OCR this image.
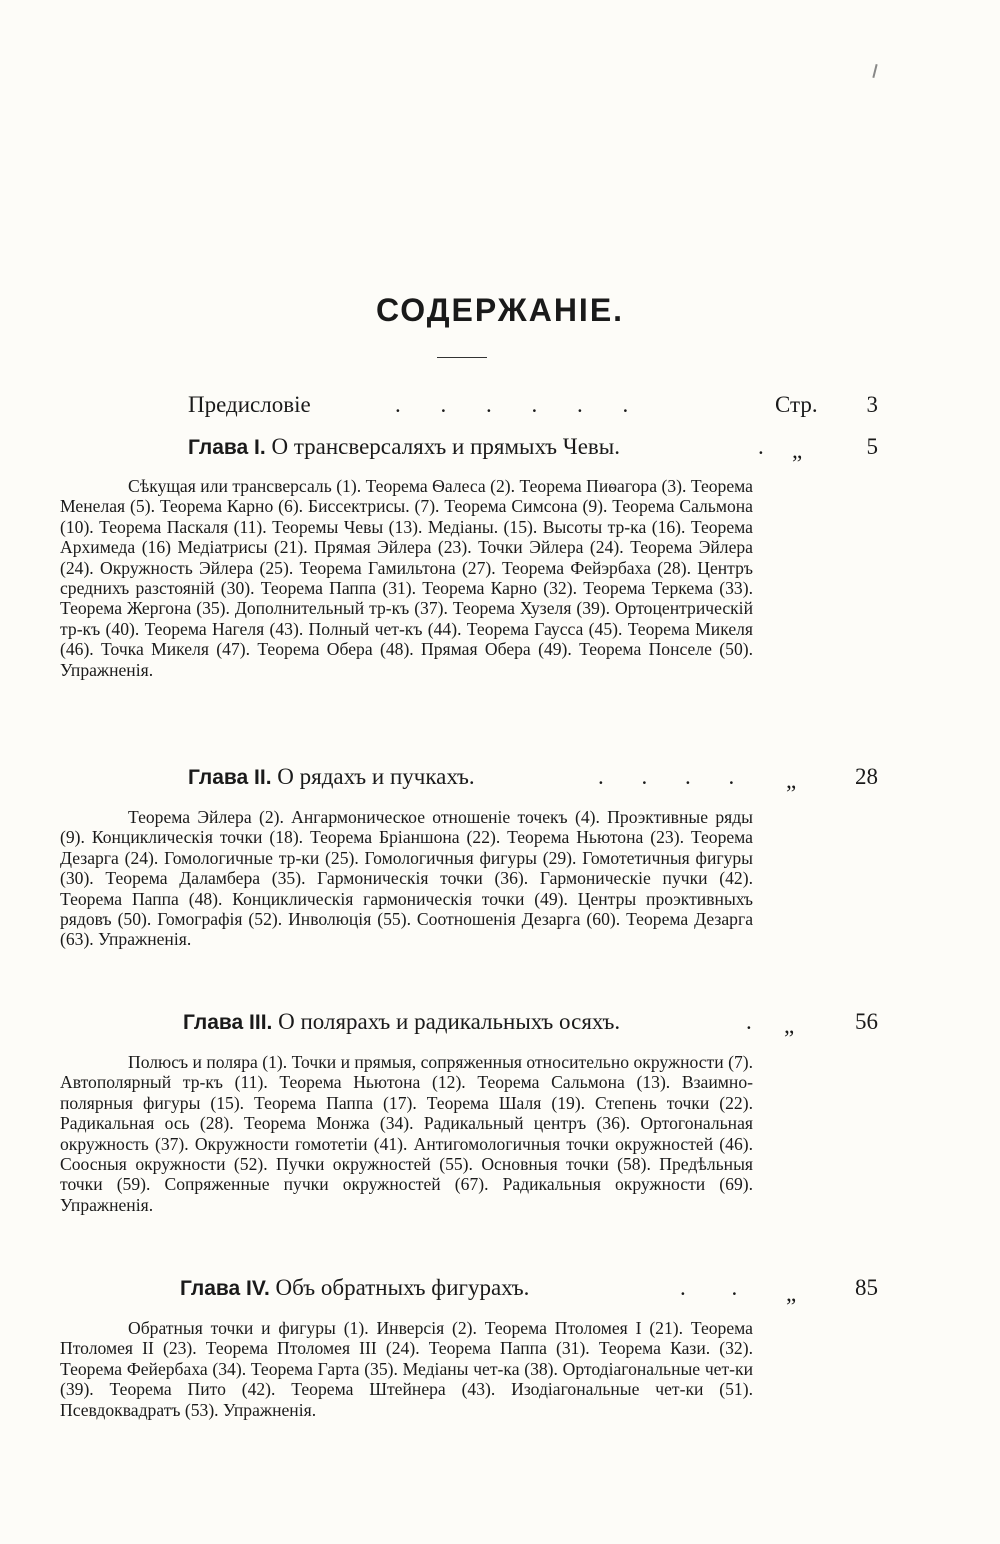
СОДЕРЖАНІЕ.
Предисловіе	. . . . . .	Стр. 3
Глава I. О трансверсаляхъ и прямыхъ Чевы.	. „	5
Сѣкущая или трансверсаль (1). Теорема Ѳалеса (2). Теорема Пиѳагора (3). Теорема Менелая (5). Теорема Карно (6). Биссектрисы. (7). Теорема Симсона (9). Теорема Сальмона (10). Теорема Паскаля (11). Теоремы Чевы (13). Медіаны. (15). Высоты тр-ка (16). Теорема Архимеда (16) Медіатрисы (21). Прямая Эйлера (23). Точки Эйлера (24). Теорема Эйлера (24). Окружность Эйлера (25). Теорема Гамильтона (27). Теорема Фейэрбаха (28). Центръ среднихъ разстояній (30). Теорема Паппа (31). Теорема Карно (32). Теорема Теркема (33). Теорема Жергона (35). Дополнительный тр-къ (37). Теорема Хузеля (39). Ортоцентрическій тр-къ (40). Теорема Нагеля (43). Полный чет-къ (44). Теорема Гаусса (45). Теорема Микеля (46). Точка Микеля (47). Теорема Обера (48). Прямая Обера (49). Теорема Понселе (50). Упражненія.
Глава II. О рядахъ и пучкахъ.	. . . . „	28
Теорема Эйлера (2). Ангармоническое отношеніе точекъ (4). Проэктивные ряды (9). Конциклическія точки (18). Теорема Бріаншона (22). Теорема Ньютона (23). Теорема Дезарга (24). Гомологичные тр-ки (25). Гомологичныя фигуры (29). Гомотетичныя фигуры (30). Теорема Даламбера (35). Гармоническія точки (36). Гармоническіе пучки (42). Теорема Паппа (48). Конциклическія гармоническія точки (49). Центры проэктивныхъ рядовъ (50). Гомографія (52). Инволюція (55). Соотношенія Дезарга (60). Теорема Дезарга (63). Упражненія.
Глава III. О полярахъ и радикальныхъ осяхъ.	. „	56
Полюсъ и поляра (1). Точки и прямыя, сопряженныя относительно окружности (7). Автополярный тр-къ (11). Теорема Ньютона (12). Теорема Сальмона (13). Взаимно-полярныя фигуры (15). Теорема Паппа (17). Теорема Шаля (19). Степень точки (22). Радикальная ось (28). Теорема Монжа (34). Радикальный центръ (36). Ортогональная окружность (37). Окружности гомотетіи (41). Антигомологичныя точки окружностей (46). Соосныя окружности (52). Пучки окружностей (55). Основныя точки (58). Предѣльныя точки (59). Сопряженные пучки окружностей (67). Радикальныя окружности (69). Упражненія.
Глава IV. Объ обратныхъ фигурахъ.	. . „	85
Обратныя точки и фигуры (1). Инверсія (2). Теорема Птоломея I (21). Теорема Птоломея II (23). Теорема Птоломея III (24). Теорема Паппа (31). Теорема Кази. (32). Теорема Фейербаха (34). Теорема Гарта (35). Медіаны чет-ка (38). Ортодіагональные чет-ки (39). Теорема Пито (42). Теорема Штейнера (43). Изодіагональные чет-ки (51). Псевдоквадратъ (53). Упражненія.
